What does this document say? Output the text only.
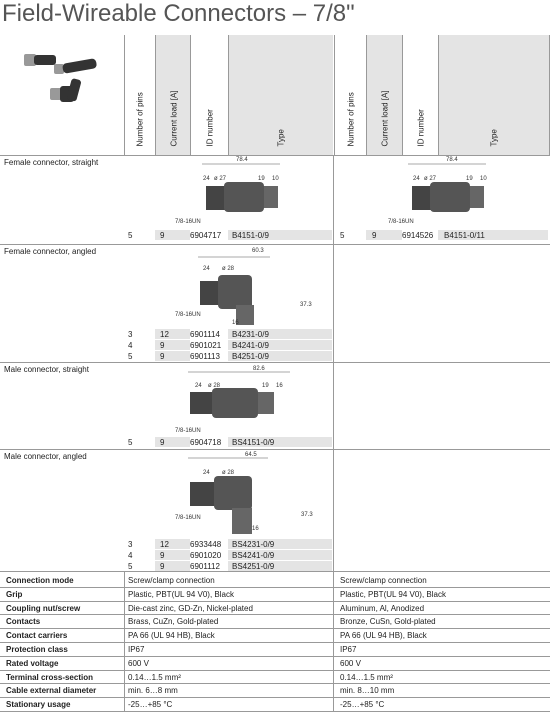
Field-Wireable Connectors – 7/8"
Number of pins	Current load [A]	ID number	Type	Number of pins	Current load [A]	ID number	Type
Female connector, straight	78.4
24 ø 27	19 10
7/8-16UN
5	9	6904717 B4151-0/9
78.4
24 ø 27	19 10
7/8-16UN
5	9	6914526 B4151-0/11
Female connector, angled	60.3
24 ø 28
37.3
16
7/8-16UN
3	12	6901114 B4231-0/9
4	9	6901021 B4241-0/9
5	9	6901113 B4251-0/9
Male connector, straight	82.6
24 ø 28	19 16
7/8-16UN
5	9	6904718 BS4151-0/9
Male connector, angled	64.5
24 ø 28
37.3
16
7/8-16UN
3	12	6933448 BS4231-0/9
4	9	6901020 BS4241-0/9
5	9	6901112 BS4251-0/9
Connection mode	Screw/clamp connection	Screw/clamp connection
Grip	Plastic, PBT(UL 94 V0), Black	Plastic, PBT(UL 94 V0), Black
Coupling nut/screw	Die-cast zinc, GD-Zn, Nickel-plated	Aluminum, Al, Anodized
Contacts	Brass, CuZn, Gold-plated	Bronze, CuSn, Gold-plated
Contact carriers	PA 66 (UL 94 HB), Black	PA 66 (UL 94 HB), Black
Protection class	IP67	IP67
Rated voltage	600 V	600 V
Terminal cross-section	0.14…1.5 mm²	0.14…1.5 mm²
Cable external diameter	min. 6…8 mm	min. 8…10 mm
Stationary usage	-25…+85 °C	-25…+85 °C
